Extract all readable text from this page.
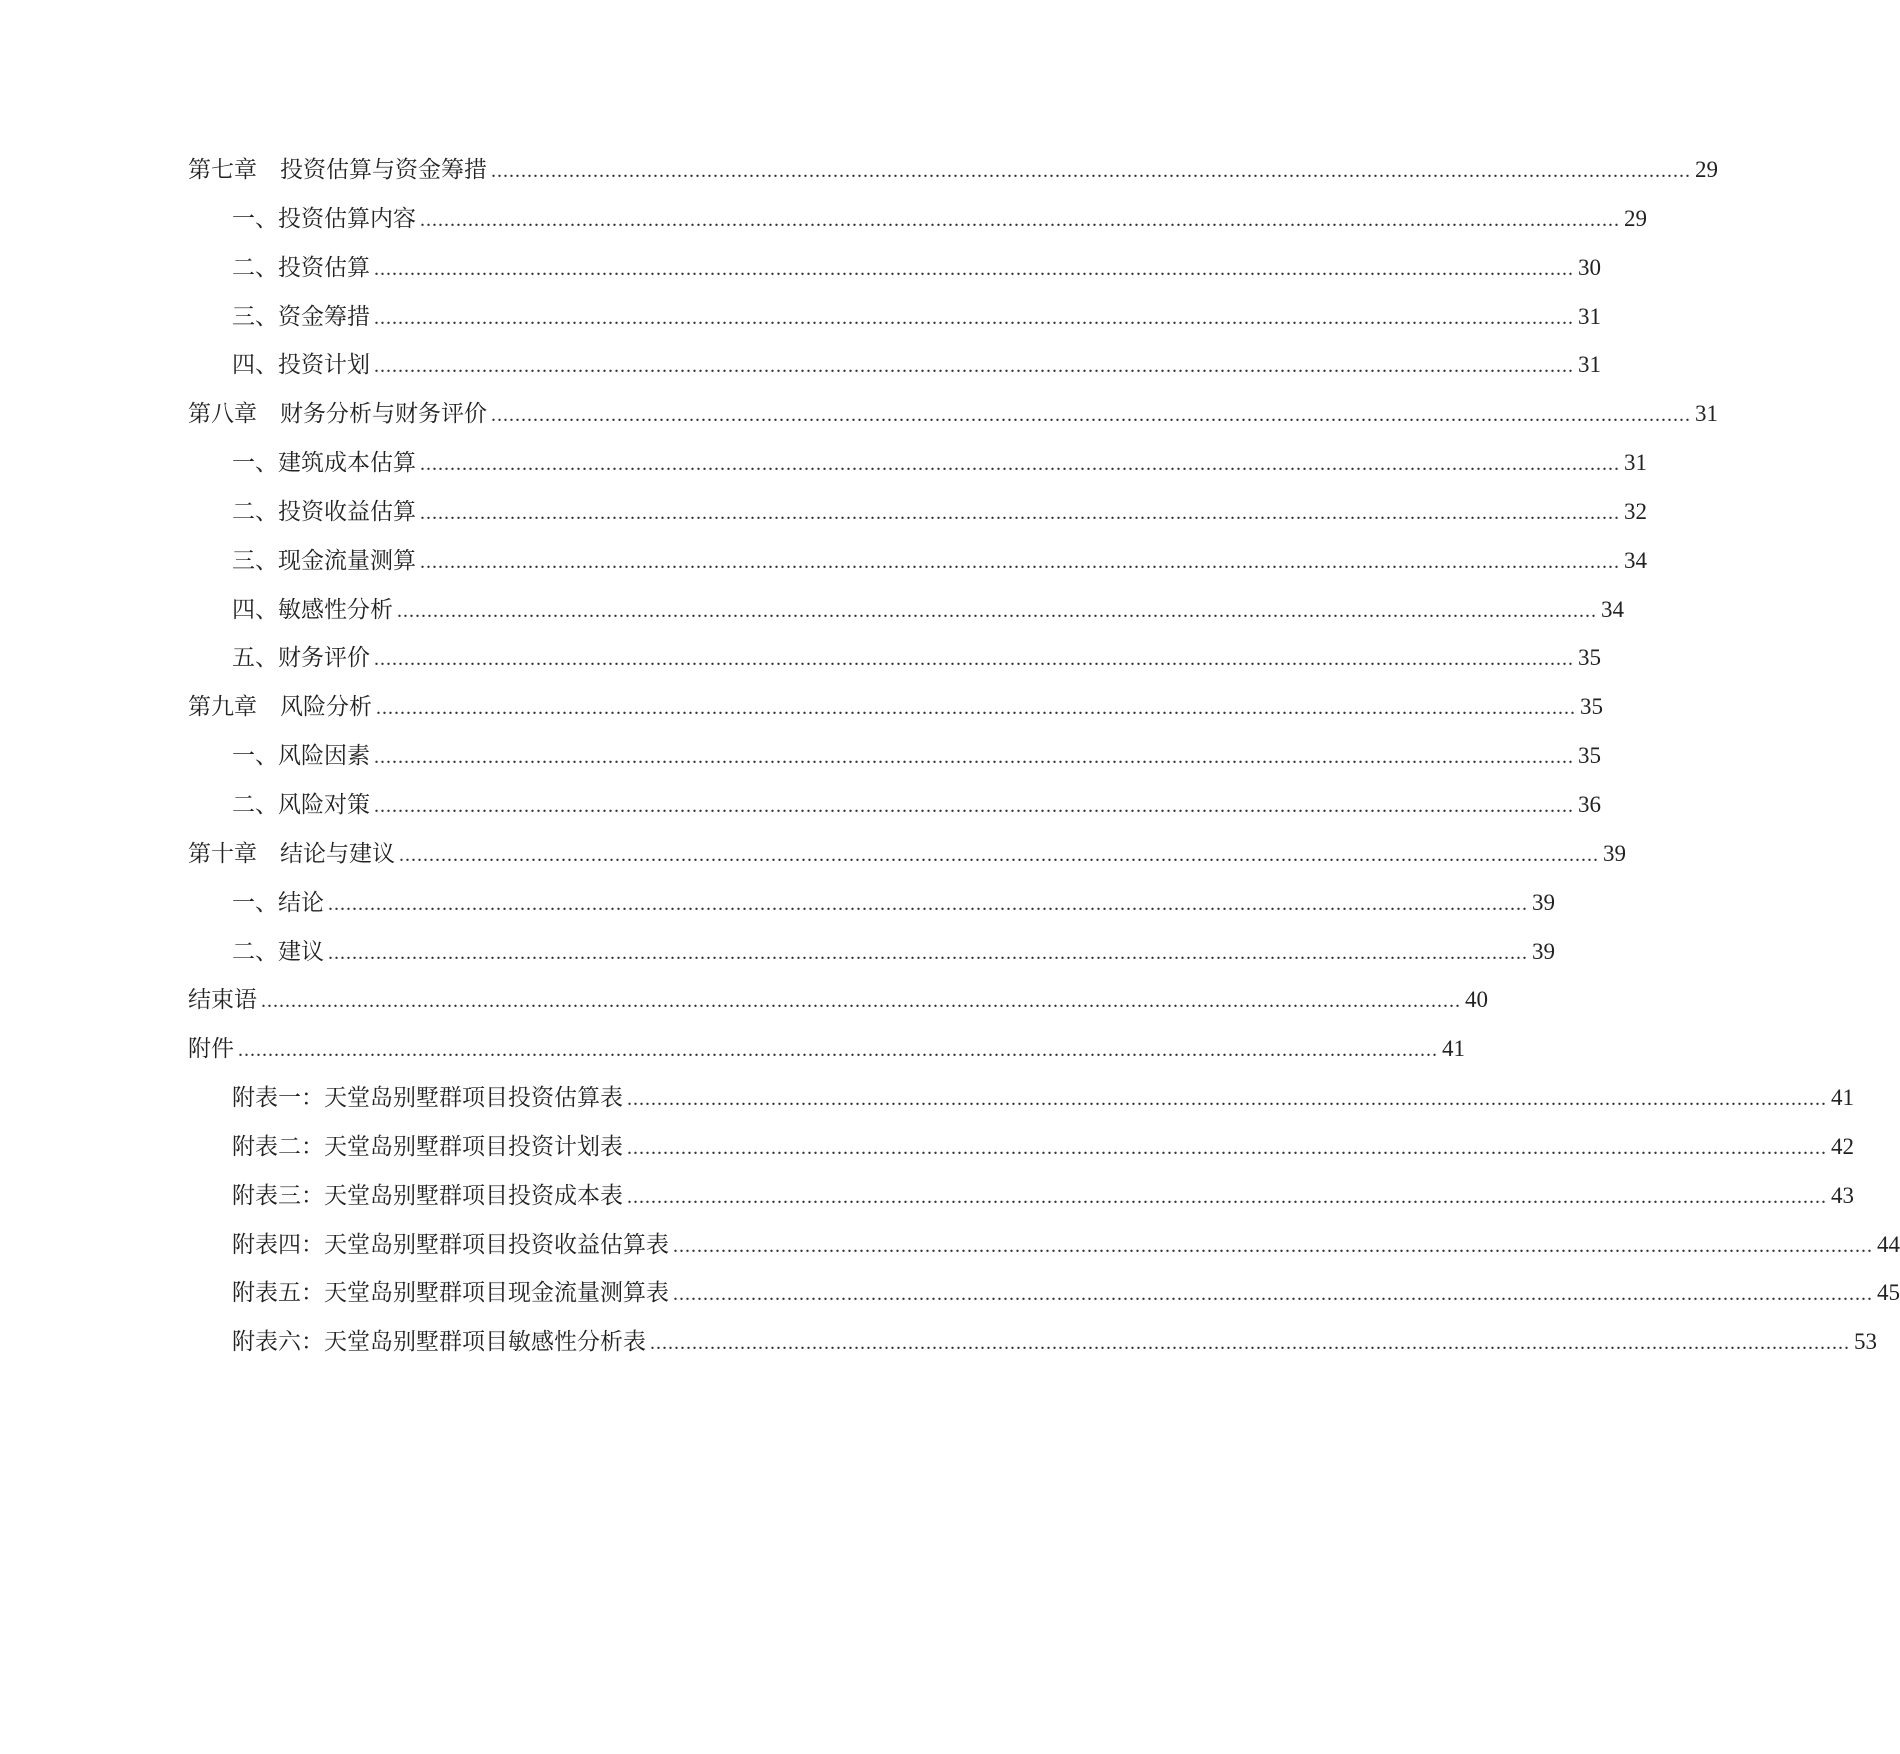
第七章　投资估算与资金筹措 ........................................................................................................................................................................................................ 29
一、投资估算内容 ........................................................................................................................................................................................................ 29
二、投资估算 ........................................................................................................................................................................................................ 30
三、资金筹措 ........................................................................................................................................................................................................ 31
四、投资计划 ........................................................................................................................................................................................................ 31
第八章　财务分析与财务评价 ........................................................................................................................................................................................................ 31
一、建筑成本估算 ........................................................................................................................................................................................................ 31
二、投资收益估算 ........................................................................................................................................................................................................ 32
三、现金流量测算 ........................................................................................................................................................................................................ 34
四、敏感性分析 ........................................................................................................................................................................................................ 34
五、财务评价 ........................................................................................................................................................................................................ 35
第九章　风险分析 ........................................................................................................................................................................................................ 35
一、风险因素 ........................................................................................................................................................................................................ 35
二、风险对策 ........................................................................................................................................................................................................ 36
第十章　结论与建议 ........................................................................................................................................................................................................ 39
一、结论 ........................................................................................................................................................................................................ 39
二、建议 ........................................................................................................................................................................................................ 39
结束语 ........................................................................................................................................................................................................ 40
附件 ........................................................................................................................................................................................................ 41
附表一：天堂岛别墅群项目投资估算表 ........................................................................................................................................................................................................ 41
附表二：天堂岛别墅群项目投资计划表 ........................................................................................................................................................................................................ 42
附表三：天堂岛别墅群项目投资成本表 ........................................................................................................................................................................................................ 43
附表四：天堂岛别墅群项目投资收益估算表 ........................................................................................................................................................................................................ 44
附表五：天堂岛别墅群项目现金流量测算表 ........................................................................................................................................................................................................ 45
附表六：天堂岛别墅群项目敏感性分析表 ........................................................................................................................................................................................................ 53
